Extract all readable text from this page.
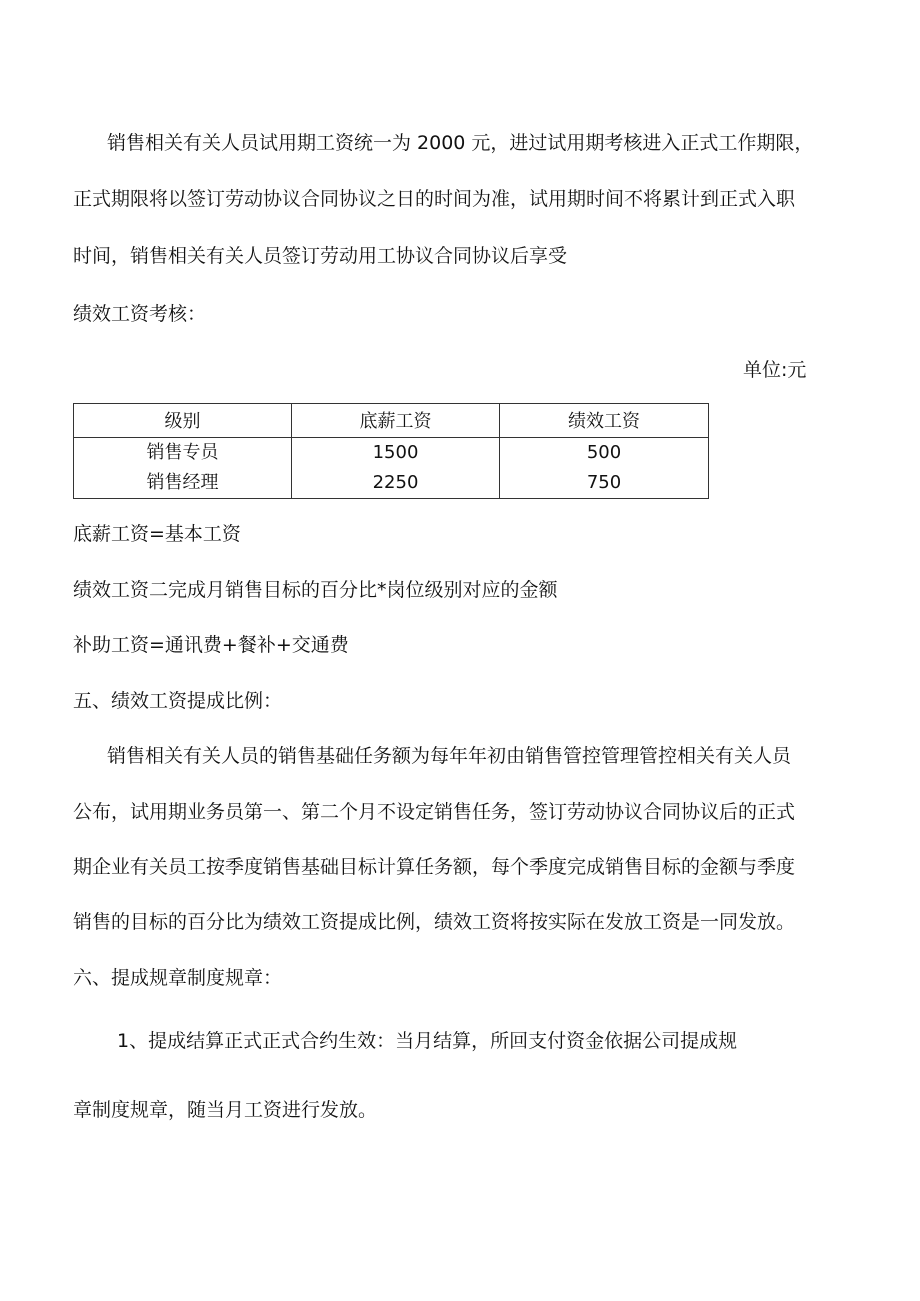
销售相关有关人员试用期工资统一为 2000 元，进过试用期考核进入正式工作期限，

正式期限将以签订劳动协议合同协议之日的时间为准，试用期时间不将累计到正式入职

时间，销售相关有关人员签订劳动用工协议合同协议后享受

绩效工资考核：

单位:元
级别	底薪工资	绩效工资
销售专员	1500	500
销售经理	2250	750

底薪工资=基本工资

绩效工资二完成月销售目标的百分比*岗位级别对应的金额

补助工资=通讯费+餐补+交通费

五、绩效工资提成比例：

销售相关有关人员的销售基础任务额为每年年初由销售管控管理管控相关有关人员

公布，试用期业务员第一、第二个月不设定销售任务，签订劳动协议合同协议后的正式

期企业有关员工按季度销售基础目标计算任务额，每个季度完成销售目标的金额与季度

销售的目标的百分比为绩效工资提成比例，绩效工资将按实际在发放工资是一同发放。

六、提成规章制度规章：

1、提成结算正式正式合约生效：当月结算，所回支付资金依据公司提成规

章制度规章，随当月工资进行发放。
